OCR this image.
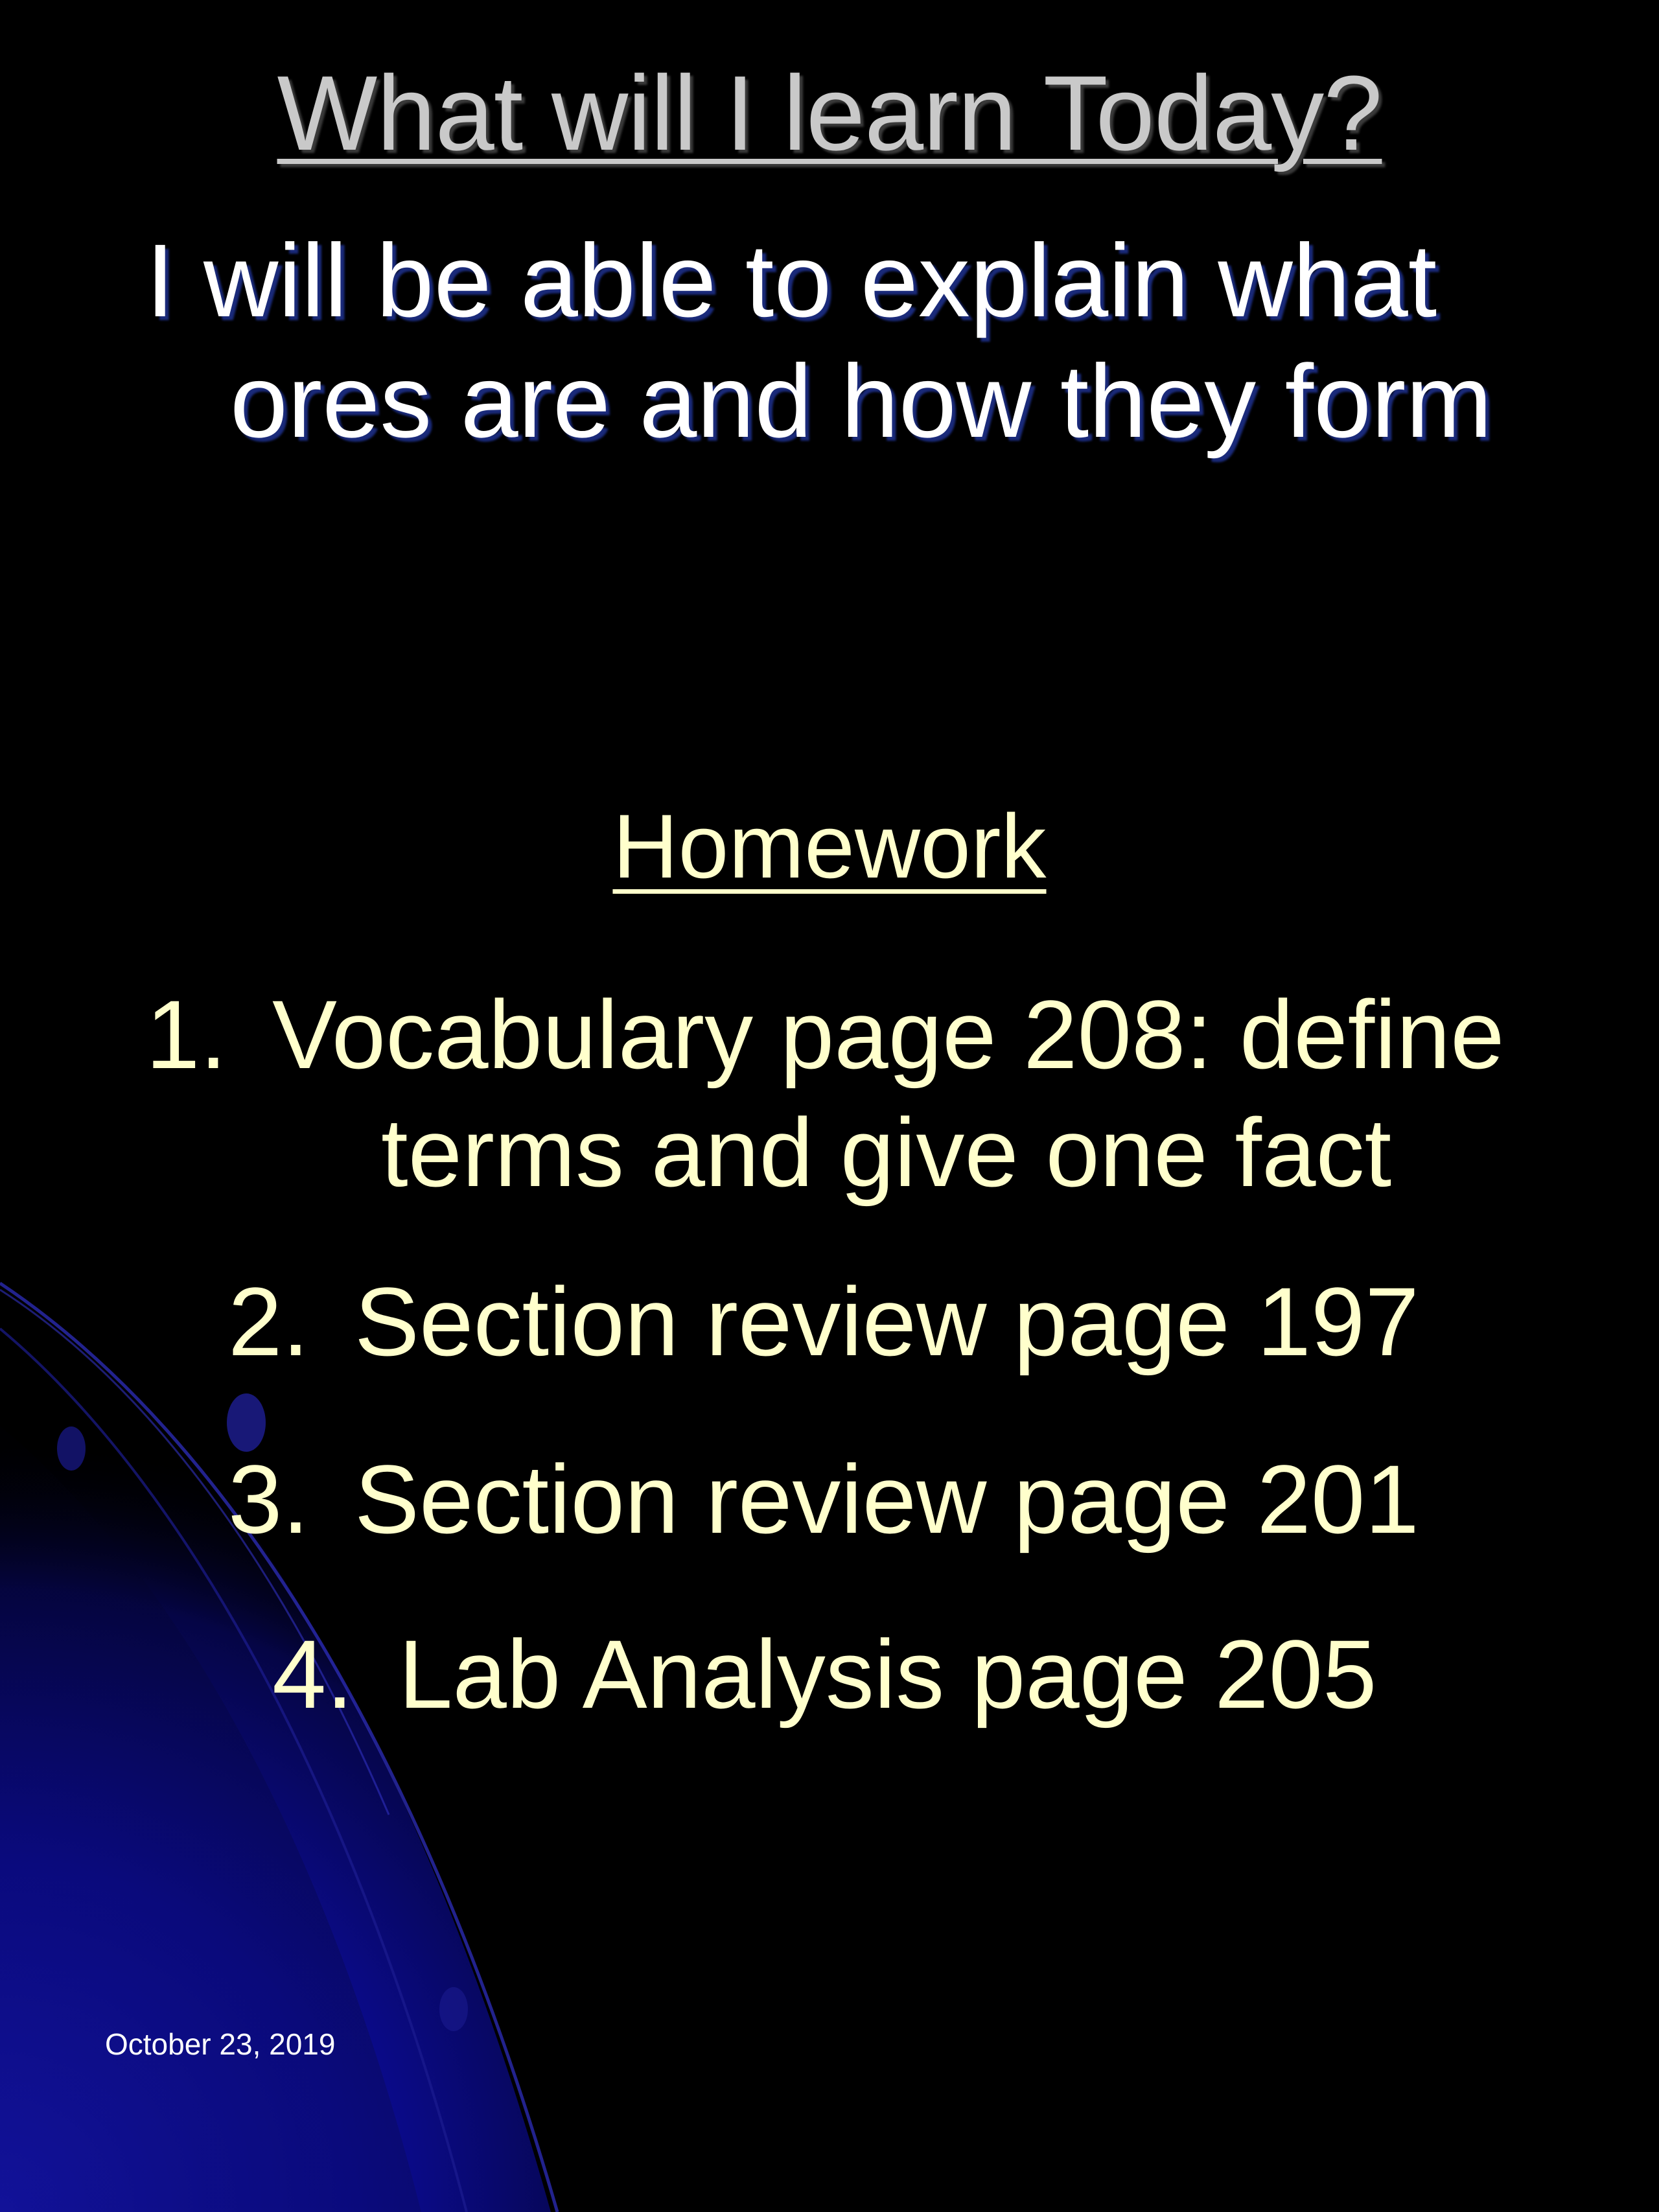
What will I learn Today?
I will be able to explain what ores are and how they form
Homework
1. Vocabulary page 208: define
terms and give one fact
2. Section review page 197
3. Section review page 201
4. Lab Analysis page 205
October 23, 2019
